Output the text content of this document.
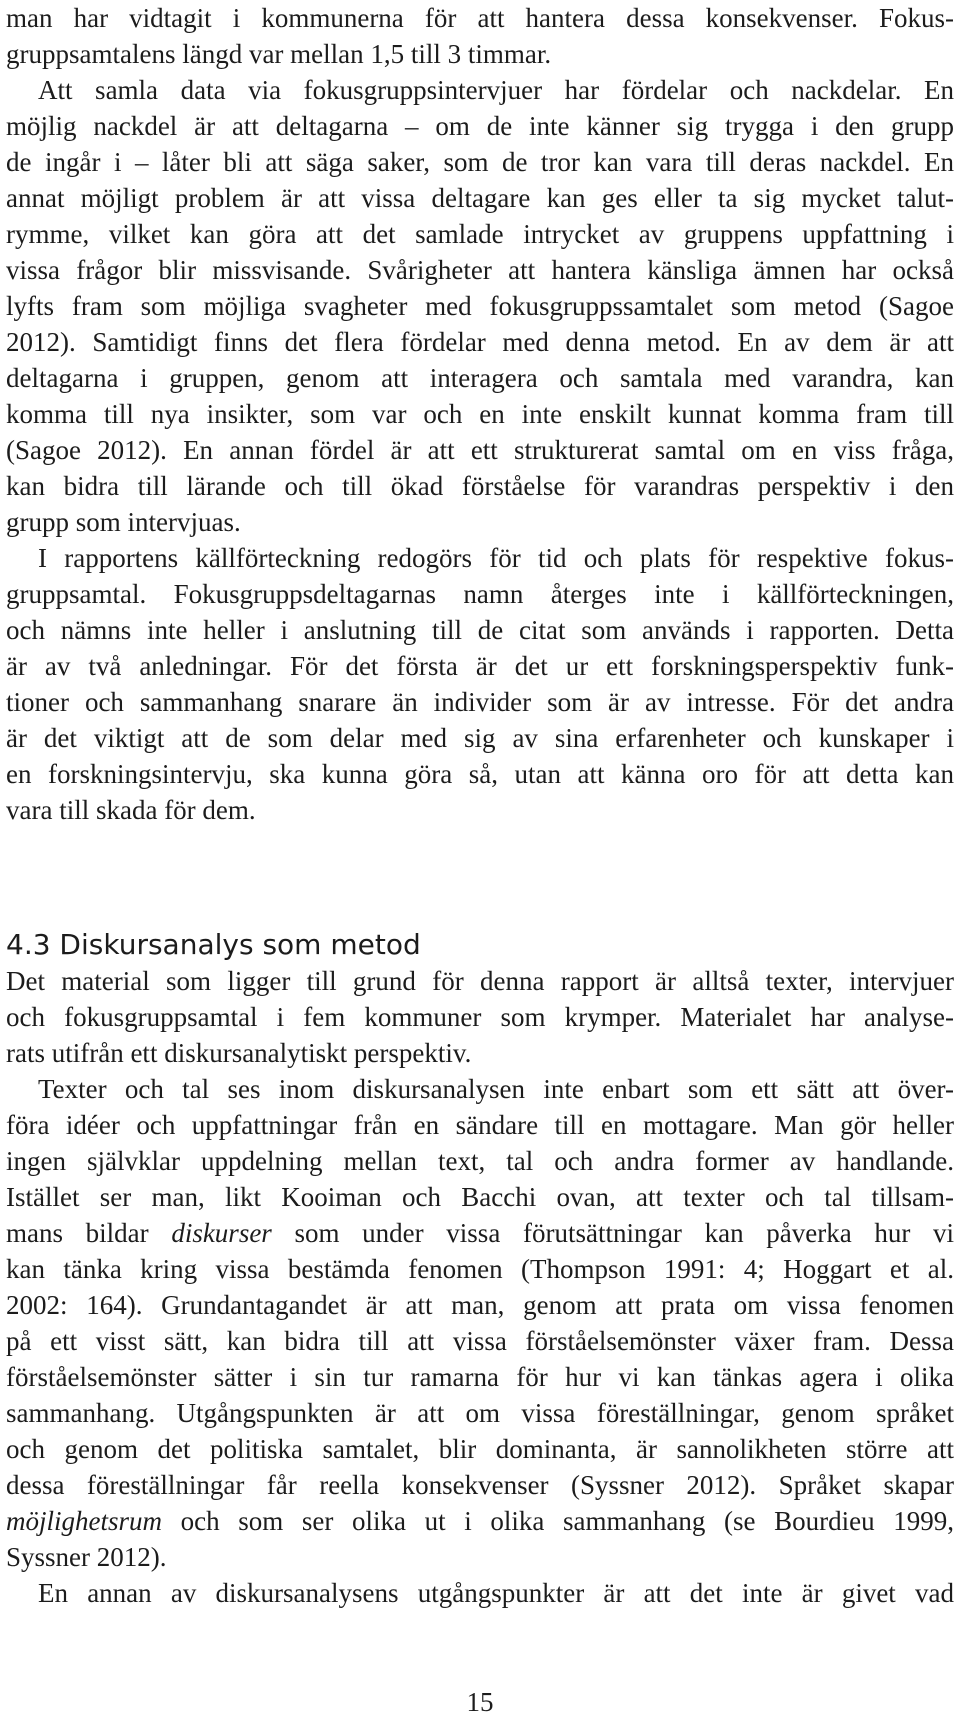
man har vidtagit i kommunerna för att hantera dessa konsekvenser. Fokus-
gruppsamtalens längd var mellan 1,5 till 3 timmar.
Att samla data via fokusgruppsintervjuer har fördelar och nackdelar. En
möjlig nackdel är att deltagarna – om de inte känner sig trygga i den grupp
de ingår i – låter bli att säga saker, som de tror kan vara till deras nackdel. En
annat möjligt problem är att vissa deltagare kan ges eller ta sig mycket talut-
rymme, vilket kan göra att det samlade intrycket av gruppens uppfattning i
vissa frågor blir missvisande. Svårigheter att hantera känsliga ämnen har också
lyfts fram som möjliga svagheter med fokusgruppssamtalet som metod (Sagoe
2012). Samtidigt finns det flera fördelar med denna metod. En av dem är att
deltagarna i gruppen, genom att interagera och samtala med varandra, kan
komma till nya insikter, som var och en inte enskilt kunnat komma fram till
(Sagoe 2012). En annan fördel är att ett strukturerat samtal om en viss fråga,
kan bidra till lärande och till ökad förståelse för varandras perspektiv i den
grupp som intervjuas.
I rapportens källförteckning redogörs för tid och plats för respektive fokus-
gruppsamtal. Fokusgruppsdeltagarnas namn återges inte i källförteckningen,
och nämns inte heller i anslutning till de citat som används i rapporten. Detta
är av två anledningar. För det första är det ur ett forskningsperspektiv funk-
tioner och sammanhang snarare än individer som är av intresse. För det andra
är det viktigt att de som delar med sig av sina erfarenheter och kunskaper i
en forskningsintervju, ska kunna göra så, utan att känna oro för att detta kan
vara till skada för dem.
4.3 Diskursanalys som metod
Det material som ligger till grund för denna rapport är alltså texter, intervjuer
och fokusgruppsamtal i fem kommuner som krymper. Materialet har analyse-
rats utifrån ett diskursanalytiskt perspektiv.
Texter och tal ses inom diskursanalysen inte enbart som ett sätt att över-
föra idéer och uppfattningar från en sändare till en mottagare. Man gör heller
ingen självklar uppdelning mellan text, tal och andra former av handlande.
Istället ser man, likt Kooiman och Bacchi ovan, att texter och tal tillsam-
mans bildar diskurser som under vissa förutsättningar kan påverka hur vi
kan tänka kring vissa bestämda fenomen (Thompson 1991: 4; Hoggart et al.
2002: 164). Grundantagandet är att man, genom att prata om vissa fenomen
på ett visst sätt, kan bidra till att vissa förståelsemönster växer fram. Dessa
förståelsemönster sätter i sin tur ramarna för hur vi kan tänkas agera i olika
sammanhang. Utgångspunkten är att om vissa föreställningar, genom språket
och genom det politiska samtalet, blir dominanta, är sannolikheten större att
dessa föreställningar får reella konsekvenser (Syssner 2012). Språket skapar
möjlighetsrum och som ser olika ut i olika sammanhang (se Bourdieu 1999,
Syssner 2012).
En annan av diskursanalysens utgångspunkter är att det inte är givet vad
15
